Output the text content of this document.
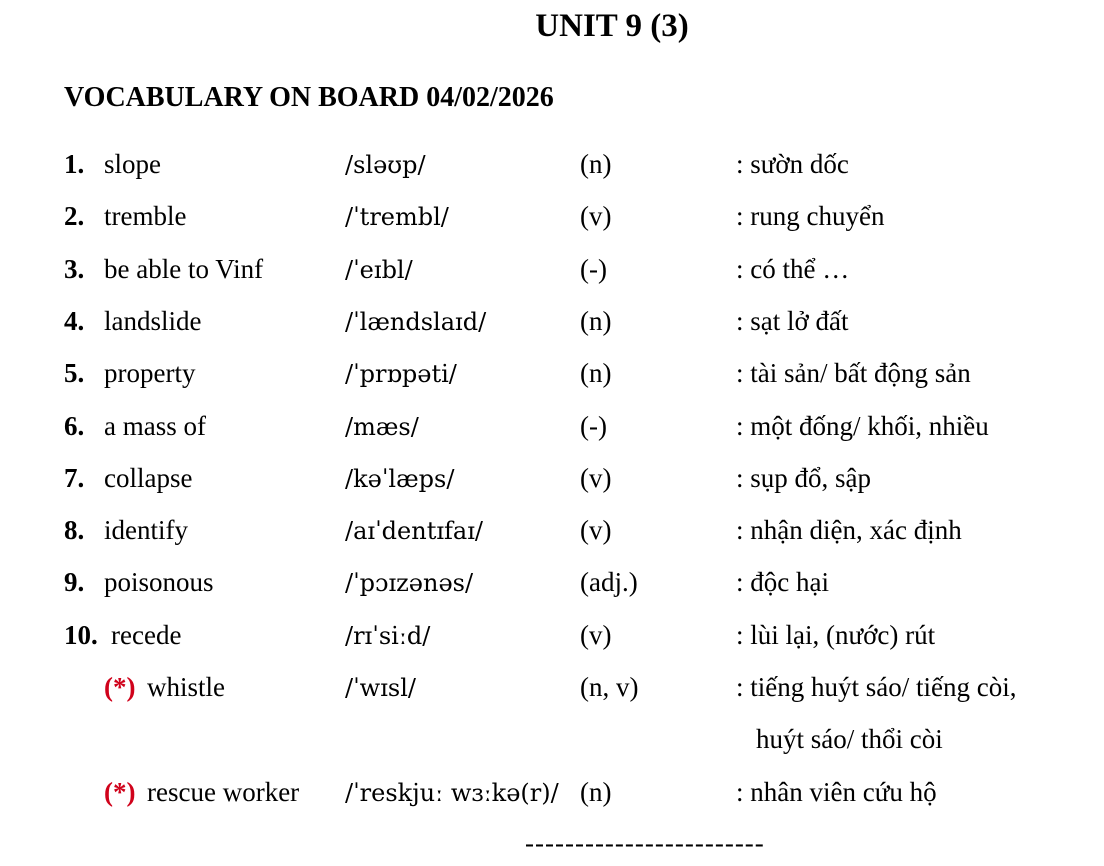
UNIT 9 (3)
VOCABULARY ON BOARD 04/02/2026
1. slope	/sləʊp/	(n)	: sườn dốc
2. tremble	/ˈtrembl/	(v)	: rung chuyển
3. be able to Vinf	/ˈeɪbl/	(-)	: có thể …
4. landslide	/ˈlændslaɪd/	(n)	: sạt lở đất
5. property	/ˈprɒpəti/	(n)	: tài sản/ bất động sản
6. a mass of	/mæs/	(-)	: một đống/ khối, nhiều
7. collapse	/kəˈlæps/	(v)	: sụp đổ, sập
8. identify	/aɪˈdentɪfaɪ/	(v)	: nhận diện, xác định
9. poisonous	/ˈpɔɪzənəs/	(adj.)	: độc hại
10. recede	/rɪˈsiːd/	(v)	: lùi lại, (nước) rút
(*) whistle	/ˈwɪsl/	(n, v)	: tiếng huýt sáo/ tiếng còi,
huýt sáo/ thổi còi
(*) rescue worker /ˈreskjuː wɜːkə(r)/ (n)	: nhân viên cứu hộ
------------------------
